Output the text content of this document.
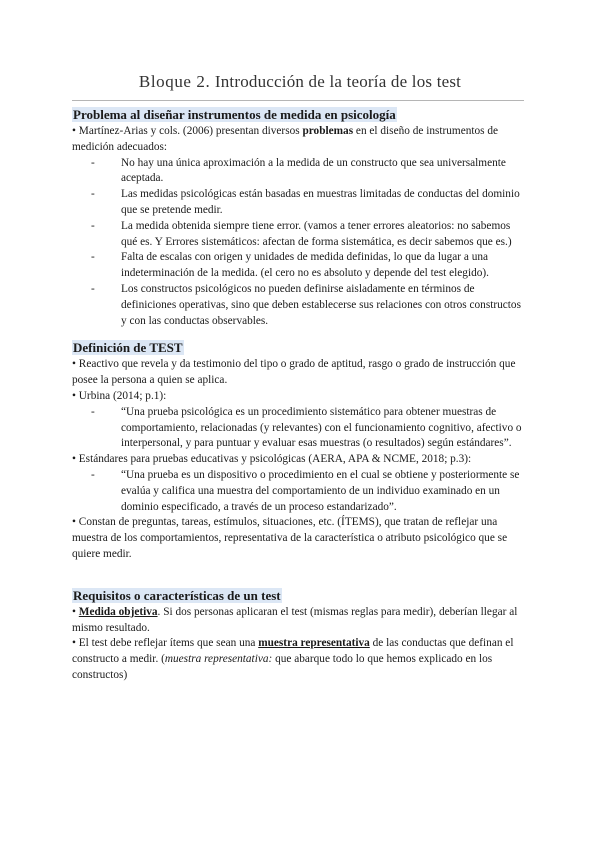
Bloque 2. Introducción de la teoría de los test
Problema al diseñar instrumentos de medida en psicología

• Martínez-Arias y cols. (2006) presentan diversos problemas en el diseño de instrumentos de medición adecuados:

-	No hay una única aproximación a la medida de un constructo que sea universalmente aceptada.
-	Las medidas psicológicas están basadas en muestras limitadas de conductas del dominio que se pretende medir.
-	La medida obtenida siempre tiene error. (vamos a tener errores aleatorios: no sabemos qué es. Y Errores sistemáticos: afectan de forma sistemática, es decir sabemos que es.)
-	Falta de escalas con origen y unidades de medida definidas, lo que da lugar a una indeterminación de la medida. (el cero no es absoluto y depende del test elegido).
-	Los constructos psicológicos no pueden definirse aisladamente en términos de definiciones operativas, sino que deben establecerse sus relaciones con otros constructos y con las conductas observables.
Definición de TEST

• Reactivo que revela y da testimonio del tipo o grado de aptitud, rasgo o grado de instrucción que posee la persona a quien se aplica.

• Urbina (2014; p.1):

-	“Una prueba psicológica es un procedimiento sistemático para obtener muestras de comportamiento, relacionadas (y relevantes) con el funcionamiento cognitivo, afectivo o interpersonal, y para puntuar y evaluar esas muestras (o resultados) según estándares”.

• Estándares para pruebas educativas y psicológicas (AERA, APA & NCME, 2018; p.3):

-	“Una prueba es un dispositivo o procedimiento en el cual se obtiene y posteriormente se evalúa y califica una muestra del comportamiento de un individuo examinado en un dominio especificado, a través de un proceso estandarizado”.

• Constan de preguntas, tareas, estímulos, situaciones, etc. (ÍTEMS), que tratan de reflejar una muestra de los comportamientos, representativa de la característica o atributo psicológico que se quiere medir.

Requisitos o características de un test

• Medida objetiva. Si dos personas aplicaran el test (mismas reglas para medir), deberían llegar al mismo resultado.

• El test debe reflejar ítems que sean una muestra representativa de las conductas que definan el constructo a medir. (muestra representativa: que abarque todo lo que hemos explicado en los constructos)
